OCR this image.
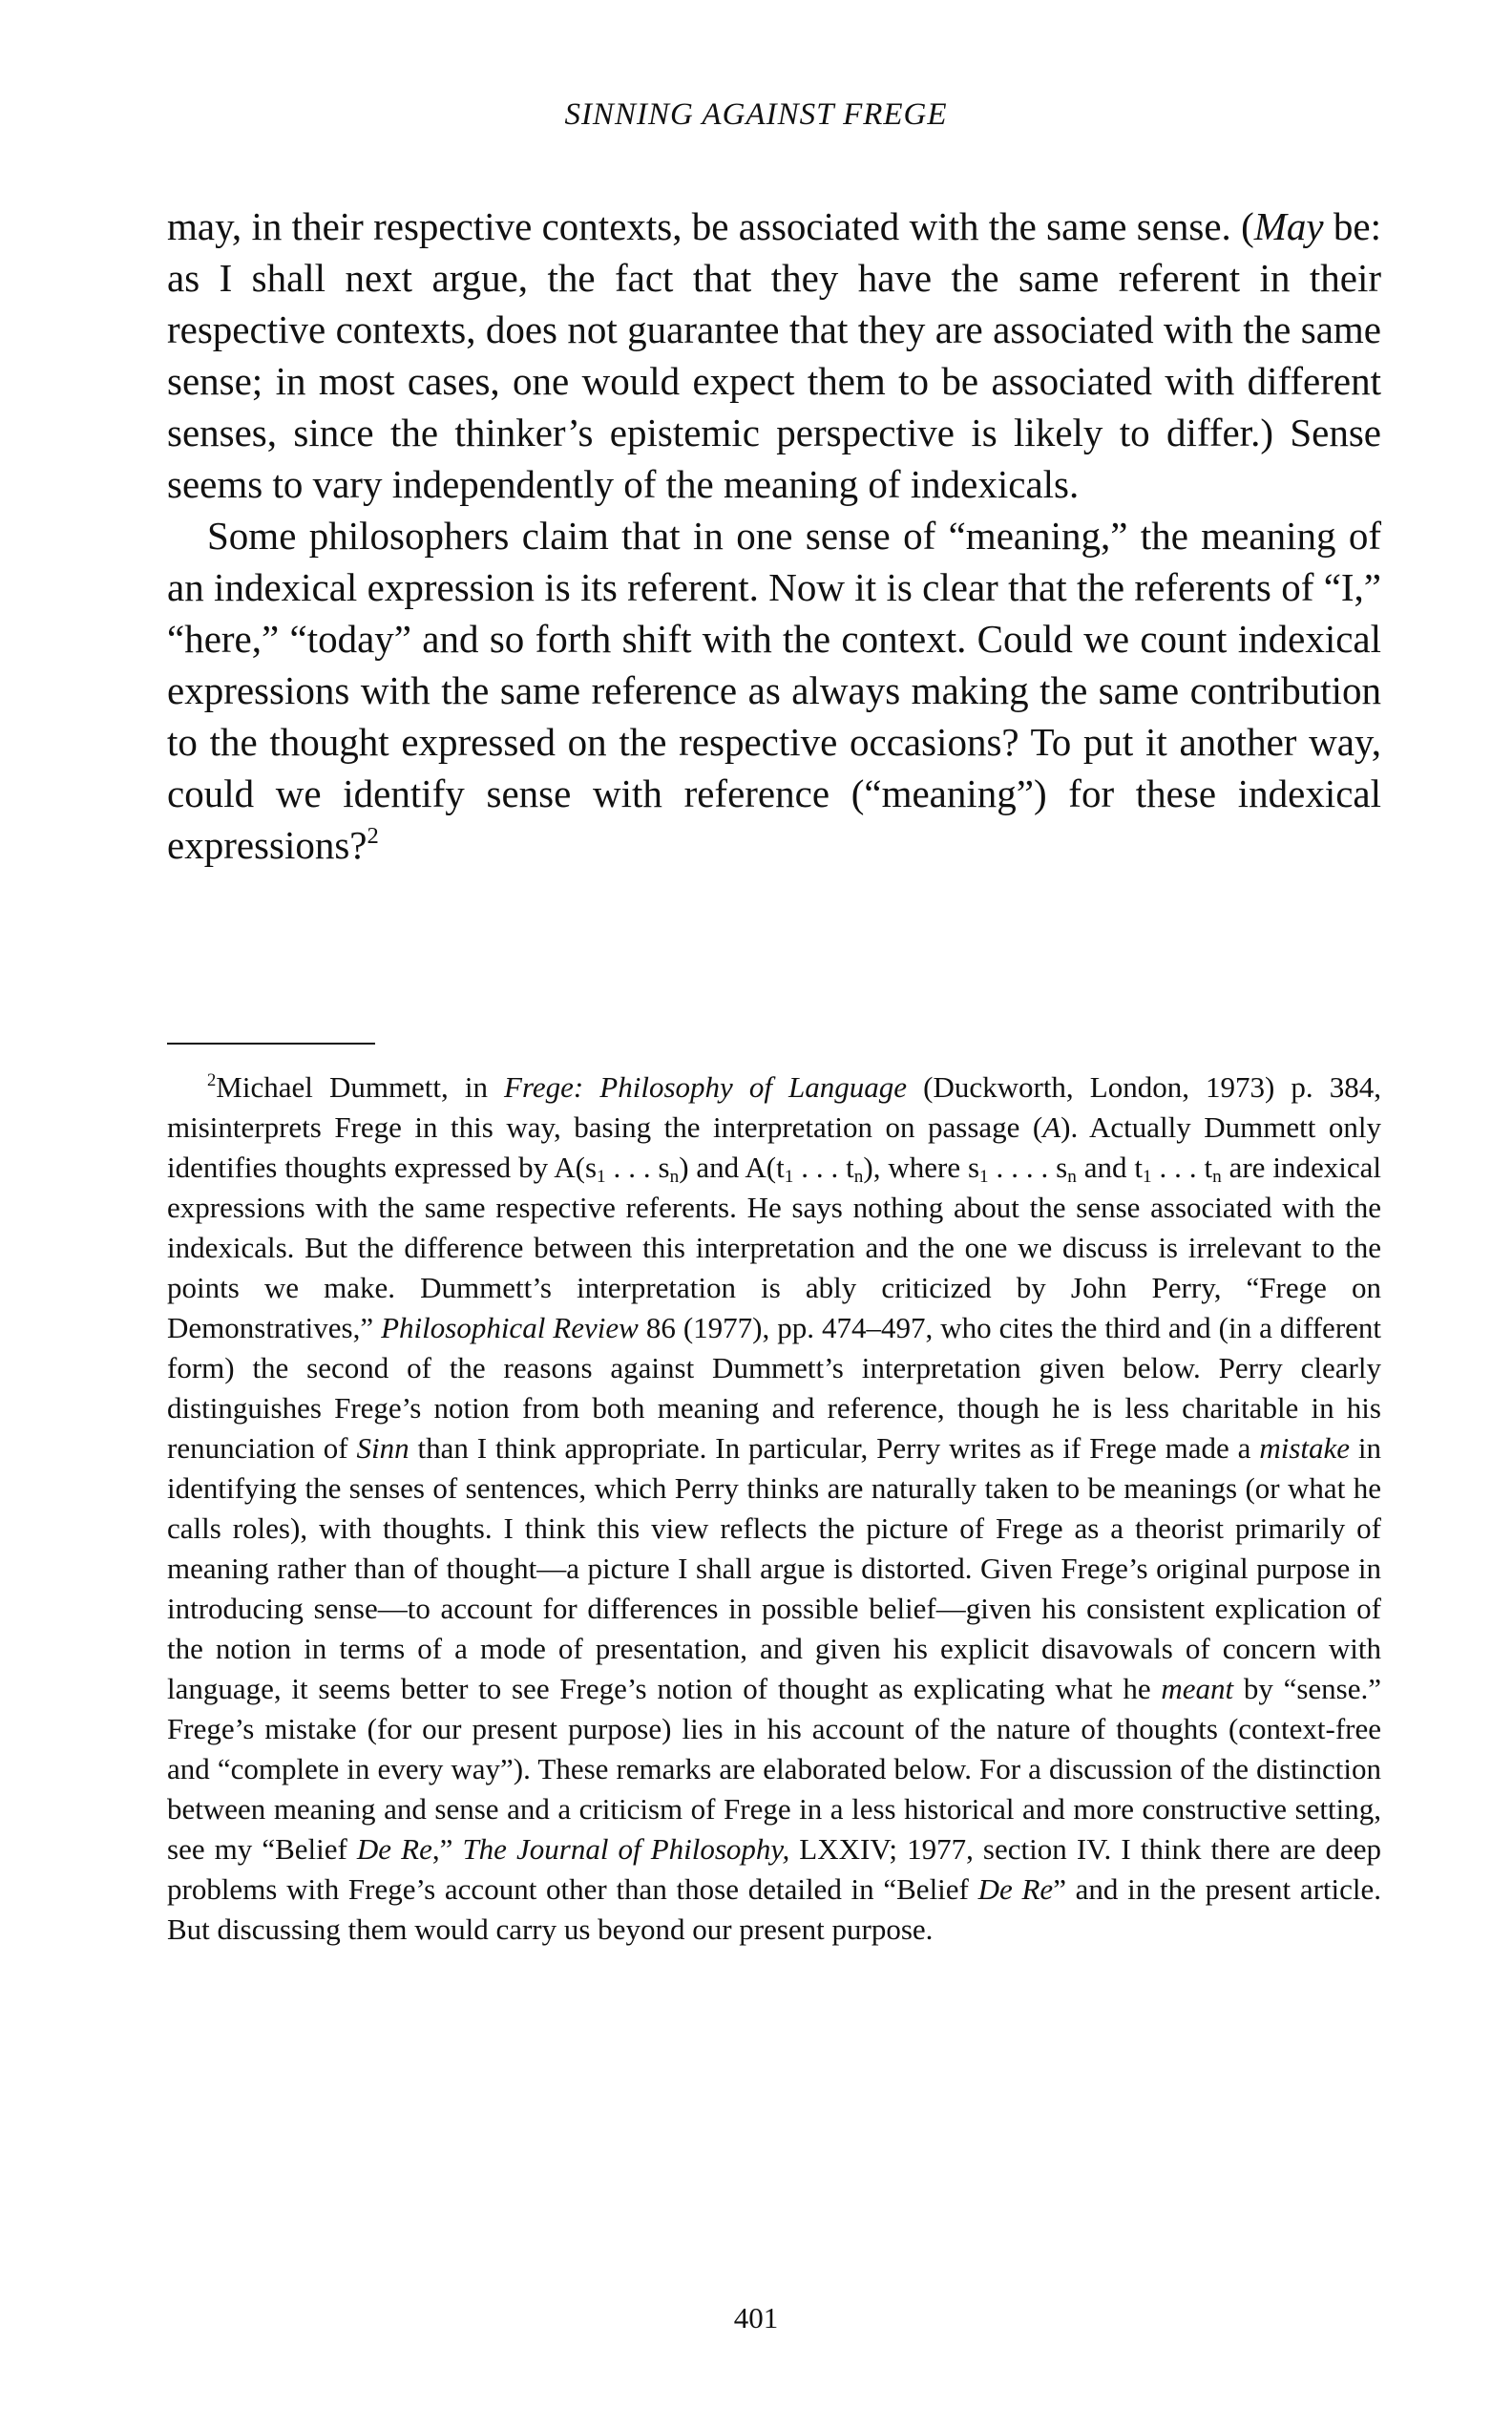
SINNING AGAINST FREGE

may, in their respective contexts, be associated with the same sense. (May be: as I shall next argue, the fact that they have the same referent in their respective contexts, does not guarantee that they are associated with the same sense; in most cases, one would expect them to be associated with different senses, since the thinker’s epistemic perspective is likely to differ.) Sense seems to vary independently of the meaning of indexicals.

Some philosophers claim that in one sense of “meaning,” the meaning of an indexical expression is its referent. Now it is clear that the referents of “I,” “here,” “today” and so forth shift with the context. Could we count indexical expressions with the same reference as always making the same contribution to the thought expressed on the respective occasions? To put it another way, could we identify sense with reference (“meaning”) for these indexical expressions?$^2$

$^2$Michael Dummett, in Frege: Philosophy of Language (Duckworth, London, 1973) p. 384, misinterprets Frege in this way, basing the interpretation on passage (A). Actually Dummett only identifies thoughts expressed by $A(s_1$ . . . $s_n$) and $A(t_1$ . . . $t_n$), where $s_1$ . . . . $s_n$ and $t_1$ . . . $t_n$ are indexical expressions with the same respective referents. He says nothing about the sense associated with the indexicals. But the difference between this interpretation and the one we discuss is irrelevant to the points we make. Dummett’s interpretation is ably criticized by John Perry, “Frege on Demonstratives,” Philosophical Review 86 (1977), pp. 474–497, who cites the third and (in a different form) the second of the reasons against Dummett’s interpretation given below. Perry clearly distinguishes Frege’s notion from both meaning and reference, though he is less charitable in his renunciation of Sinn than I think appropriate. In particular, Perry writes as if Frege made a mistake in identifying the senses of sentences, which Perry thinks are naturally taken to be meanings (or what he calls roles), with thoughts. I think this view reflects the picture of Frege as a theorist primarily of meaning rather than of thought—a picture I shall argue is distorted. Given Frege’s original purpose in introducing sense—to account for differences in possible belief—given his consistent explication of the notion in terms of a mode of presentation, and given his explicit disavowals of concern with language, it seems better to see Frege’s notion of thought as explicating what he meant by “sense.” Frege’s mistake (for our present purpose) lies in his account of the nature of thoughts (context-free and “complete in every way”). These remarks are elaborated below. For a discussion of the distinction between meaning and sense and a criticism of Frege in a less historical and more constructive setting, see my “Belief De Re,” The Journal of Philosophy, LXXIV; 1977, section IV. I think there are deep problems with Frege’s account other than those detailed in “Belief De Re” and in the present article. But discussing them would carry us beyond our present purpose.

401
